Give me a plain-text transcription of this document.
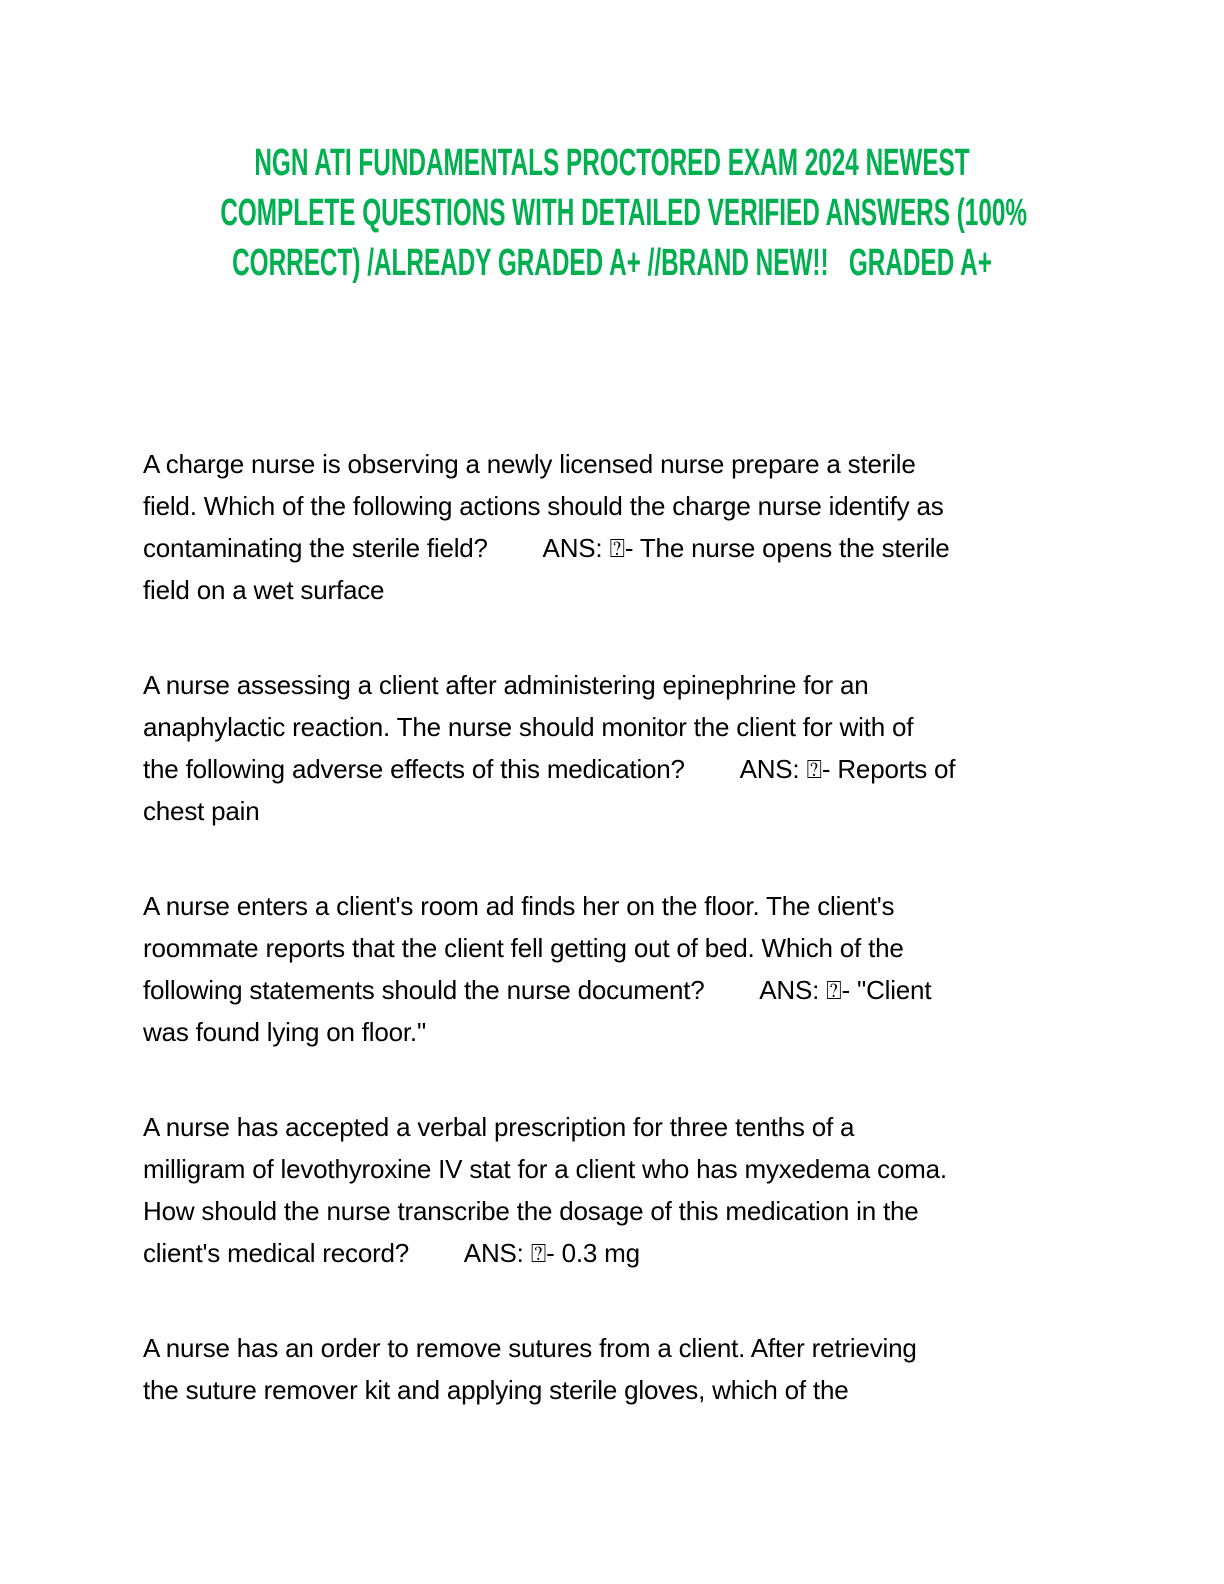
NGN ATI FUNDAMENTALS PROCTORED EXAM 2024 NEWEST
COMPLETE QUESTIONS WITH DETAILED VERIFIED ANSWERS (100%
CORRECT) /ALREADY GRADED A+ //BRAND NEW!!   GRADED A+
A charge nurse is observing a newly licensed nurse prepare a sterile
field. Which of the following actions should the charge nurse identify as
contaminating the sterile field?        ANS: ⍰- The nurse opens the sterile
field on a wet surface
A nurse assessing a client after administering epinephrine for an
anaphylactic reaction. The nurse should monitor the client for with of
the following adverse effects of this medication?        ANS: ⍰- Reports of
chest pain
A nurse enters a client's room ad finds her on the floor. The client's
roommate reports that the client fell getting out of bed. Which of the
following statements should the nurse document?        ANS: ⍰- "Client
was found lying on floor."
A nurse has accepted a verbal prescription for three tenths of a
milligram of levothyroxine IV stat for a client who has myxedema coma.
How should the nurse transcribe the dosage of this medication in the
client's medical record?        ANS: ⍰- 0.3 mg
A nurse has an order to remove sutures from a client. After retrieving
the suture remover kit and applying sterile gloves, which of the
